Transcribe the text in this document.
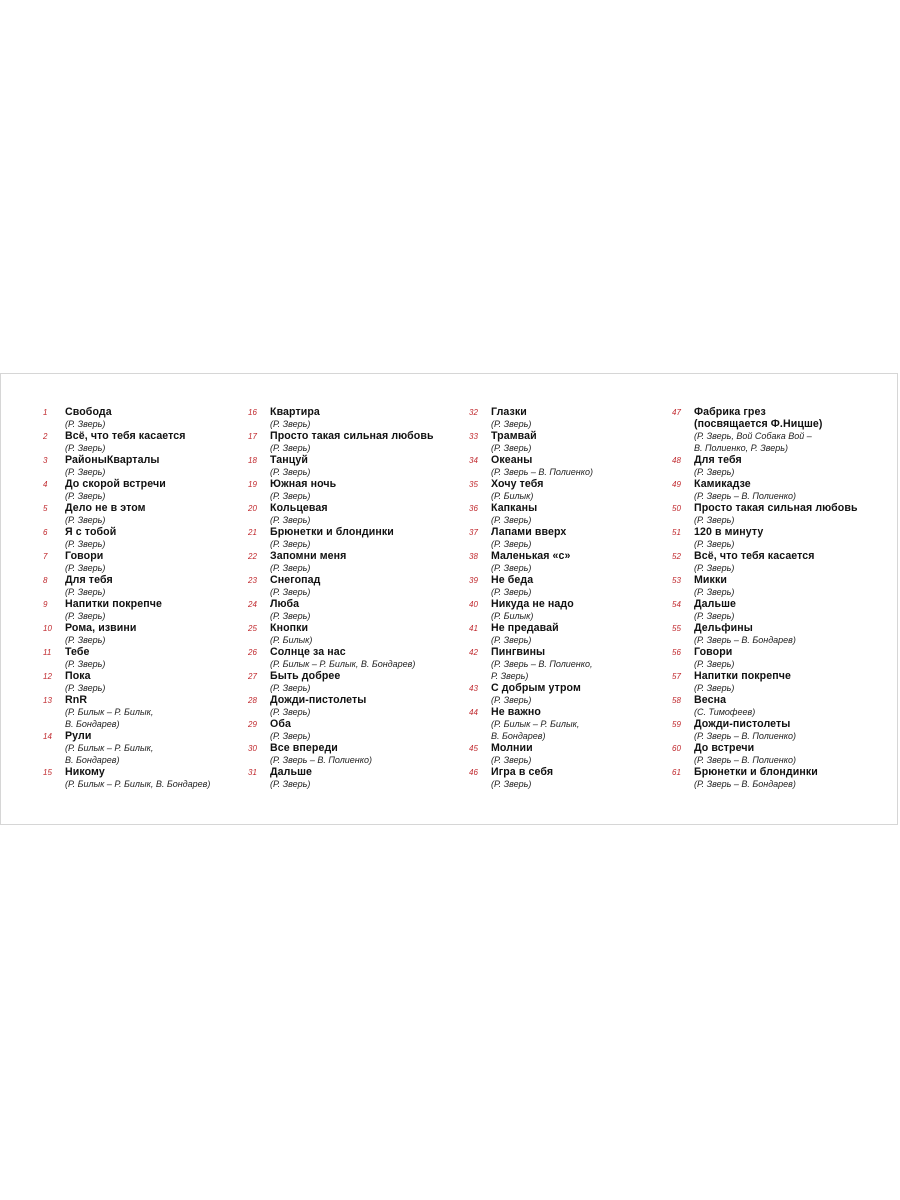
1	Свобода
(Р. Зверь)
2	Всё, что тебя касается
(Р. Зверь)
3	РайоныКварталы
(Р. Зверь)
4	До скорой встречи
(Р. Зверь)
5	Дело не в этом
(Р. Зверь)
6	Я с тобой
(Р. Зверь)
7	Говори
(Р. Зверь)
8	Для тебя
(Р. Зверь)
9	Напитки покрепче
(Р. Зверь)
10	Рома, извини
(Р. Зверь)
11	Тебе
(Р. Зверь)
12	Пока
(Р. Зверь)
13	RnR
(Р. Билык – Р. Билык,
В. Бондарев)
14	Рули
(Р. Билык – Р. Билык,
В. Бондарев)
15	Никому
(Р. Билык – Р. Билык, В. Бондарев)
16	Квартира
(Р. Зверь)
17	Просто такая сильная любовь
(Р. Зверь)
18	Танцуй
(Р. Зверь)
19	Южная ночь
(Р. Зверь)
20	Кольцевая
(Р. Зверь)
21	Брюнетки и блондинки
(Р. Зверь)
22	Запомни меня
(Р. Зверь)
23	Снегопад
(Р. Зверь)
24	Люба
(Р. Зверь)
25	Кнопки
(Р. Билык)
26	Солнце за нас
(Р. Билык – Р. Билык, В. Бондарев)
27	Быть добрее
(Р. Зверь)
28	Дожди-пистолеты
(Р. Зверь)
29	Оба
(Р. Зверь)
30	Все впереди
(Р. Зверь – В. Полиенко)
31	Дальше
(Р. Зверь)
32	Глазки
(Р. Зверь)
33	Трамвай
(Р. Зверь)
34	Океаны
(Р. Зверь – В. Полиенко)
35	Хочу тебя
(Р. Билык)
36	Капканы
(Р. Зверь)
37	Лапами вверх
(Р. Зверь)
38	Маленькая «с»
(Р. Зверь)
39	Не беда
(Р. Зверь)
40	Никуда не надо
(Р. Билык)
41	Не предавай
(Р. Зверь)
42	Пингвины
(Р. Зверь – В. Полиенко,
Р. Зверь)
43	С добрым утром
(Р. Зверь)
44	Не важно
(Р. Билык – Р. Билык,
В. Бондарев)
45	Молнии
(Р. Зверь)
46	Игра в себя
(Р. Зверь)
47	Фабрика грез
(посвящается Ф.Ницше)
(Р. Зверь, Вой Собака Вой –
В. Полиенко, Р. Зверь)
48	Для тебя
(Р. Зверь)
49	Камикадзе
(Р. Зверь – В. Полиенко)
50	Просто такая сильная любовь
(Р. Зверь)
51	120 в минуту
(Р. Зверь)
52	Всё, что тебя касается
(Р. Зверь)
53	Микки
(Р. Зверь)
54	Дальше
(Р. Зверь)
55	Дельфины
(Р. Зверь – В. Бондарев)
56	Говори
(Р. Зверь)
57	Напитки покрепче
(Р. Зверь)
58	Весна
(С. Тимофеев)
59	Дожди-пистолеты
(Р. Зверь – В. Полиенко)
60	До встречи
(Р. Зверь – В. Полиенко)
61	Брюнетки и блондинки
(Р. Зверь – В. Бондарев)
